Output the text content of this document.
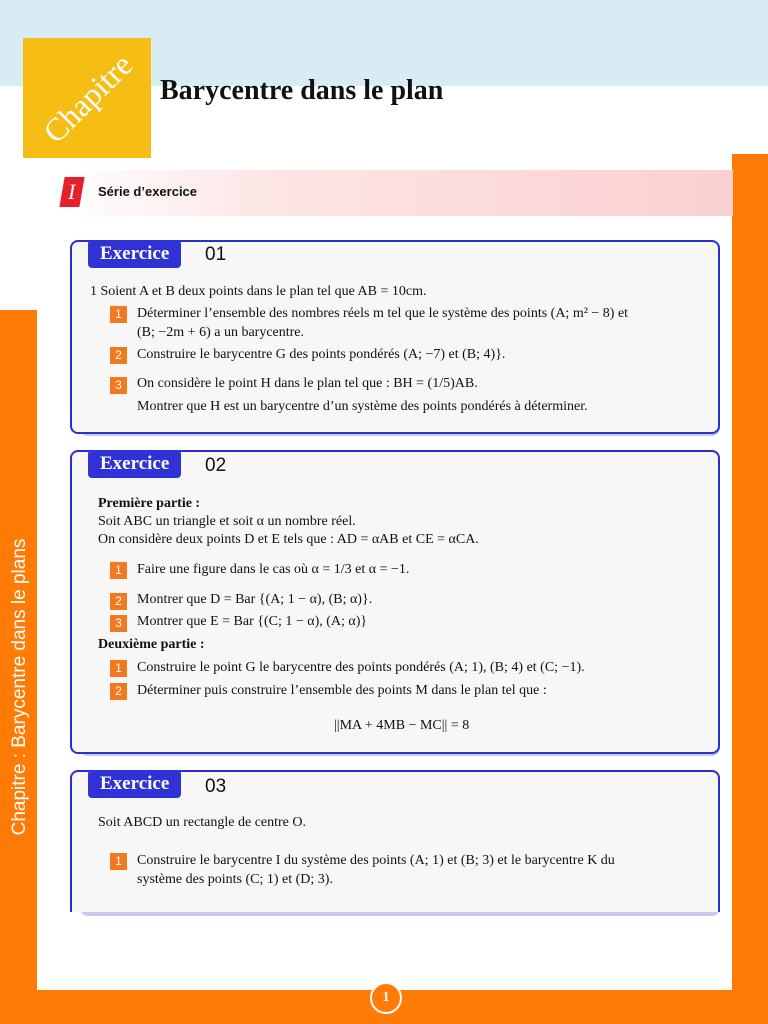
Chapitre : Barycentre dans le plans
Chapitre Barycentre dans le plan
I	Série d’exercice
Exercice	01
1 Soient A et B deux points dans le plan tel que AB = 10cm.
1	Déterminer l’ensemble des nombres réels m tel que le système des points (A; m² − 8) et
(B; −2m + 6) a un barycentre.
2	Construire le barycentre G des points pondérés (A; −7) et (B; 4)}.
3	On considère le point H dans le plan tel que : BH = (1/5)AB.
Montrer que H est un barycentre d’un système des points pondérés à déterminer.
Exercice	02
Première partie :
Soit ABC un triangle et soit α un nombre réel.
On considère deux points D et E tels que : AD = αAB et CE = αCA.
1	Faire une figure dans le cas où α = 1/3 et α = −1.
2	Montrer que D = Bar {(A; 1 − α), (B; α)}.
3	Montrer que E = Bar {(C; 1 − α), (A; α)}
Deuxième partie :
1	Construire le point G le barycentre des points pondérés (A; 1), (B; 4) et (C; −1).
2	Déterminer puis construire l’ensemble des points M dans le plan tel que :
||MA + 4MB − MC|| = 8
Exercice	03
Soit ABCD un rectangle de centre O.
1	Construire le barycentre I du système des points (A; 1) et (B; 3) et le barycentre K du
système des points (C; 1) et (D; 3).
1
